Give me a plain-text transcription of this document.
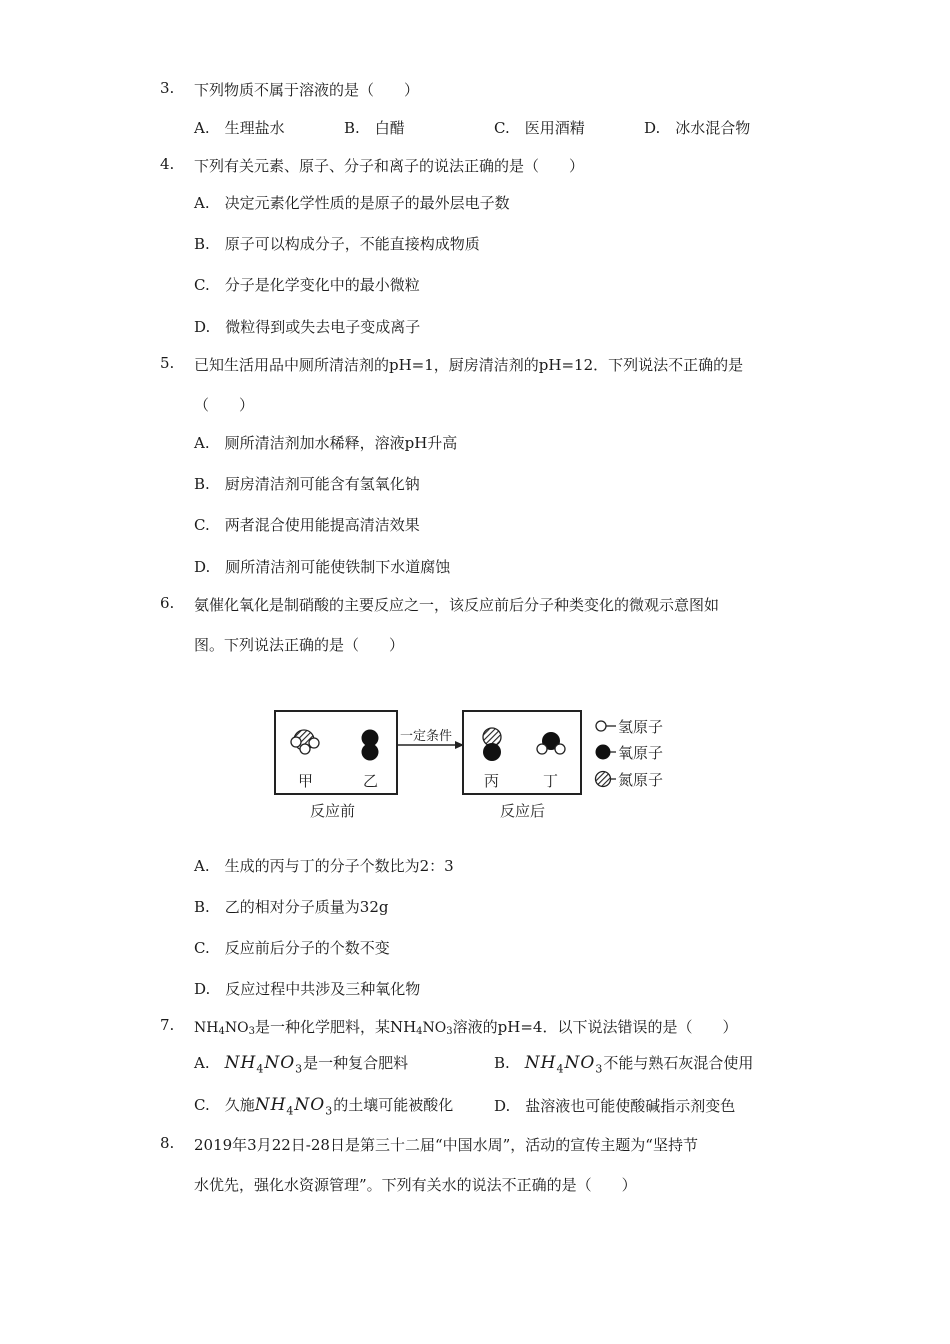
3. 下列物质不属于溶液的是（　　）
A.　生理盐水	B.　白醋	C.　医用酒精	D.　冰水混合物
4. 下列有关元素、原子、分子和离子的说法正确的是（　　）
A.　决定元素化学性质的是原子的最外层电子数
B.　原子可以构成分子，不能直接构成物质
C.　分子是化学变化中的最小微粒
D.　微粒得到或失去电子变成离子
5. 已知生活用品中厕所清洁剂的pH=1，厨房清洁剂的pH=12．下列说法不正确的是
（　　）
A.　厕所清洁剂加水稀释，溶液pH升高
B.　厨房清洁剂可能含有氢氧化钠
C.　两者混合使用能提高清洁效果
D.　厕所清洁剂可能使铁制下水道腐蚀
6. 氨催化氧化是制硝酸的主要反应之一，该反应前后分子种类变化的微观示意图如
图。下列说法正确的是（　　）
甲	乙
反应前
一定条件
丙	丁
反应后
氢原子
氧原子
氮原子
A.　生成的丙与丁的分子个数比为2：3
B.　乙的相对分子质量为32g
C.　反应前后分子的个数不变
D.　反应过程中共涉及三种氧化物
7. $NH_4NO_3$是一种化学肥料，某$NH_4NO_3$溶液的pH=4．以下说法错误的是（　　）
A.　$NH_4NO_3$是一种复合肥料	B.　$NH_4NO_3$不能与熟石灰混合使用
C.　久施$NH_4NO_3$的土壤可能被酸化	D.　盐溶液也可能使酸碱指示剂变色
8. 2019年3月22日-28日是第三十二届“中国水周”，活动的宣传主题为“坚持节
水优先，强化水资源管理”。下列有关水的说法不正确的是（　　）
